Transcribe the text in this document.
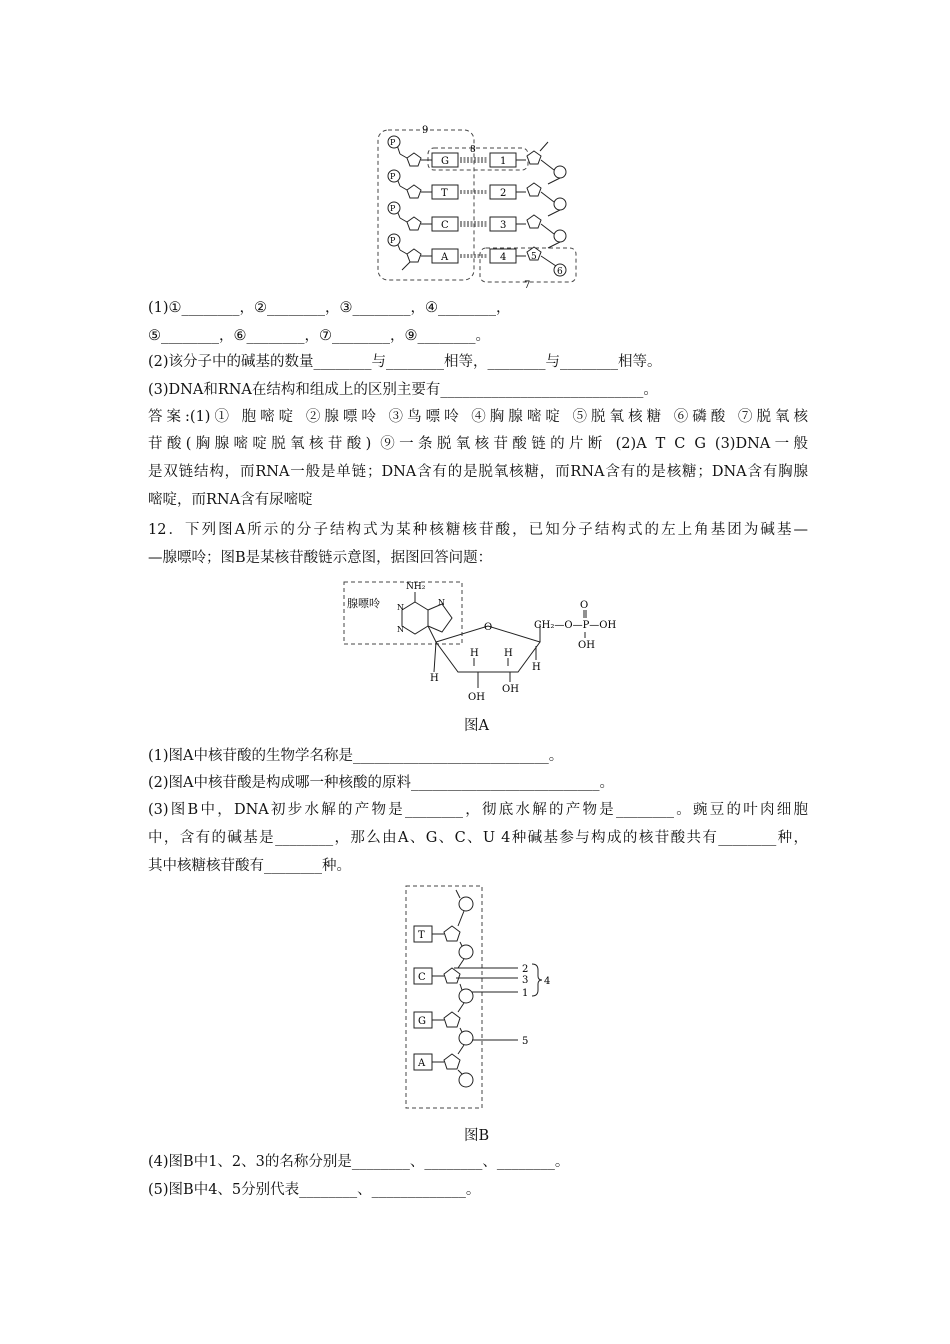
9
8
7
P
P
P
P
G
T
C
A
1
2
3
4	5
6
(1)①________，②________，③________，④________，
⑤________，⑥________，⑦________，⑨________。
(2)该分子中的碱基的数量________与________相等，________与________相等。
(3)DNA和RNA在结构和组成上的区别主要有____________________________。
答案:(1)① 胞嘧啶 ②腺嘌呤 ③鸟嘌呤 ④胸腺嘧啶 ⑤脱氧核糖 ⑥磷酸 ⑦脱氧核
苷酸(胸腺嘧啶脱氧核苷酸) ⑨一条脱氧核苷酸链的片断 (2)A T C G (3)DNA一般
是双链结构，而RNA一般是单链；DNA含有的是脱氧核糖，而RNA含有的是核糖；DNA含有胸腺
嘧啶，而RNA含有尿嘧啶
12．下列图A所示的分子结构式为某种核糖核苷酸，已知分子结构式的左上角基团为碱基—
—腺嘌呤；图B是某核苷酸链示意图，据图回答问题：
腺嘌呤
NH₂
N
N
N
O	CH₂—O—P—OH
O
OH
H
H	H
H
OH
OH
图A
(1)图A中核苷酸的生物学名称是___________________________。
(2)图A中核苷酸是构成哪一种核酸的原料__________________________。
(3)图B中，DNA初步水解的产物是________，彻底水解的产物是________。豌豆的叶肉细胞
中，含有的碱基是________，那么由A、G、C、U 4种碱基参与构成的核苷酸共有________种，
其中核糖核苷酸有________种。
T
C
G
A
2
3
1
4
5
图B
(4)图B中1、2、3的名称分别是________、________、________。
(5)图B中4、5分别代表________、_____________。
